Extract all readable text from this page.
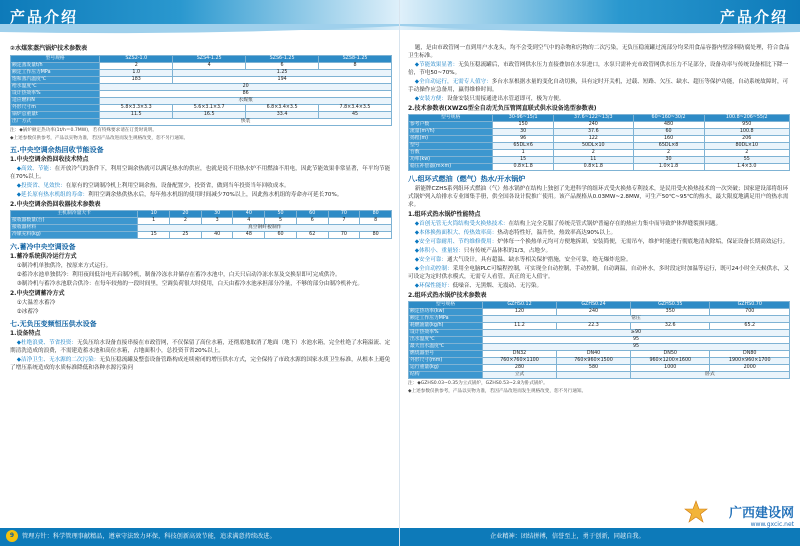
产品介绍
②水煤浆蒸汽锅炉技术参数表
型号规格	SZS2-1.0	SZS4-1.25	SZS6-1.25	SZS8-1.25
额定蒸发量t/h	2	4	6	8
额定工作压力MPa	1.0	1.25		
饱和蒸汽温度℃	183	194		
给水温度℃	20			
设计热效率%	86			
适应燃料N	水煤浆			
外形尺寸m	5.8×3.3×3.3	5.6×3.1×3.7	6.8×3.4×3.5	7.8×3.4×3.5
锅炉总重量t	11.5	16.5	33.4	45
出厂方式	快装			
注：◆锅炉额定热功率(1t/h＝0.7MW)，若有特殊要求请在订货时说明。
◆上述参数仅供参考，产品以实物为准，若因产品改进而发生规格改变，恕不另行通知。
五.中央空调余热回收节能设备
1.中央空调余热回收技术特点

◆高效、节能：在开放冷气的条件下，利用空调余热就可以满足热水的供应，也就是说不用热水炉不用燃油不用电，因此节能效果非常显著，年平均节能在70%以上。

◆投资省、见效快：在原有的空调制冷机上利用空调余热，设备配置少，投资省，做到当年投资当年回收成本。

◆延长原有热水机组的寿命：利用空调余热供热水后，每年热水机组的使用时间减少70%以上，因此热水机组的寿命亦可延长70%。

2.中央空调余热回收器技术参数表
主机制冷量大卡	10	20	30	40	50	60	70	80
接收器数量(台)	1	2	3	4	5	6	7	8
接收器材料	真空钢纤板制作							
冷媒充料(kg)	15	25	40	48	60	62	70	80
六.蓄冷中央空调设备
1.蓄冷系统供冷运行方式

①制冷机单独供冷，按原来方式运行。

②蓄冷水池单独供冷：利用夜间低谷电开启制冷机，制备冷冻水并储存在蓄冷水池中，白天只启动冷冻水泵及交换泵即可完成供冷。

③制冷机与蓄冷水池联合供冷：在每年较热的一段时间里，空调负荷很大时使用，白天由蓄冷水池承担部分冷量，不够的部分由制冷机补充。

2.中央空调蓄冷方式

①大温差水蓄冷

②冰蓄冷

七.无负压变频恒压供水设备
1.设备特点

◆杜绝浪费、节省投资：无负压给水设备直接串接在市政管网，不仅保留了高位水箱，还彻底地取消了地面（地下）水池水箱，完全杜绝了水箱溢流、定期清洗造成的浪费，不需建造蓄水池和高位水箱，占地面积小，总投资节省20%以上。

◆洁净卫生、无水源的二次污染：无负压稳流罐及整套设备管路构成连续密闭的增压供水方式，完全保持了市政水源的国家水质卫生标准，从根本上避免了增压系统造成的水质标准降低和各种水源污染问

管理方针：科学管理事献精品，遵章守法致力环保，科技创新高效节能，追求满意持续改进。
9
产品介绍

题，是由市政管网一直到用户水龙头，均不会受到空气中的杂物和污物的二次污染，无负压稳流罐过流部分均采用食品容器内壁涂料防腐处理，符合食品卫生标准。

◆节能效果显著：无负压稳流罐后，市政管网供水压力直接叠加在水泵进口，水泵只需补充市政管网供水压力不足部分，设备功率与传统设备相比下降一倍，节电50~70%。

◆全自动运行，无需专人值守：多台水泵根据水量的变化自动切换，具有定时开关机，过载、短路、欠压、缺水、超压等保护功能，自动系统故障时，可手动操作应急备用，赢得维修时间。

◆安装方便：设备安装只需接通进出水管道即可，极为方便。

2.技术参数表(XWZG型全自动无负压管网直联式供水设备选型参数表)
型号规格	30-96~15/1	37.6~122~13/3	60~160~30/2	100.8~206~55/2
参考户数	150	240	480	950
流量(m³/h)	30	37.6	60	100.8
扬程(m)	96	122	160	206
型号	65DL×6	50DL×10	65DL×8	80DL×10
台数	1	2	2	2
功率(kw)	15	11	30	55
稳压补偿器(m×m)	0.8×1.8	0.8×1.8	1.0×1.8	1.4×3.0
八.组环式燃油（燃气）热水/开水锅炉

新能牌CZHS系列组环式燃油（气）热水锅炉在结构上独创了先进科学的组环式受火换热专利技术，是民用受火换热技术的一次突破；国家建设部将组环式锅炉列入给排水专业图集手册，供全国各设计院推广使用。该产品规格从0.03MW~2.8MW，可生产50℃~95℃的热水，最大限度地满足用户的热水需求。

1.组环式热水锅炉性能特点

◆首创无管无火筒结构受火换热技术：在结构上完全克服了传统壳管式锅炉普遍存在的热应力集中而导致炉体焊缝裂损问题。

◆本体换热面积大、传热效率高：热动态特性好，温升快，热效率高达90%以上。

◆安全可靠耐用、节约维修费用：炉体每一个换热单元均可方便地拆卸，安装简便，无需吊车，维护时能进行彻底地清灰除垢，保证设备长期高效运行。

◆体积小、重量轻：只有传统产品体积的1/3，占地少。

◆安全可靠：通大气设计，具有超温、缺水等相关保护措施，安全可靠，绝无爆炸危险。

◆全自动控制：采用全电脑PLC可编程控制，可实现全自动控制，手动控制，自动调温，自动补水，多时段定时加温等运行，既可24小时全天候供水，又可设定为定时供水模式，无需专人看管，真正的无人值守。

◆环保性能好：低噪音、无黑烟、无震动、无污染。

2.组环式热水锅炉技术参数表
型号规格	GZHS0.12	GZHS0.24	GZHS0.35	GZHS0.70
额定热功率(kw)	120	240	350	700
额定工作压力MPa	常压			
耗燃油量(kg/h)	11.2	22.3	32.6	65.2
设计热效率%	≥90			
出水温度℃	95			
最大出水温度℃	95			
燃烧器型号	DN32	DN40	DN50	DN80
外形尺寸(mm)	760×760×1100	760×960×1500	960×1200×1600	1900×960×1700
运行重量(kg)	280	580	1000	2000
结构	立式		卧式	
注：◆GZHS0.03~0.35为立式锅炉，GZHS0.53~2.8为卧式锅炉。
◆上述参数仅供参考，产品以实物为准，若因产品改进而发生规格改变，恕不另行通知。
广西建设网
www.gxcic.net
企业精神：团结拼搏，信誉至上，勇于创新，同越自我。
